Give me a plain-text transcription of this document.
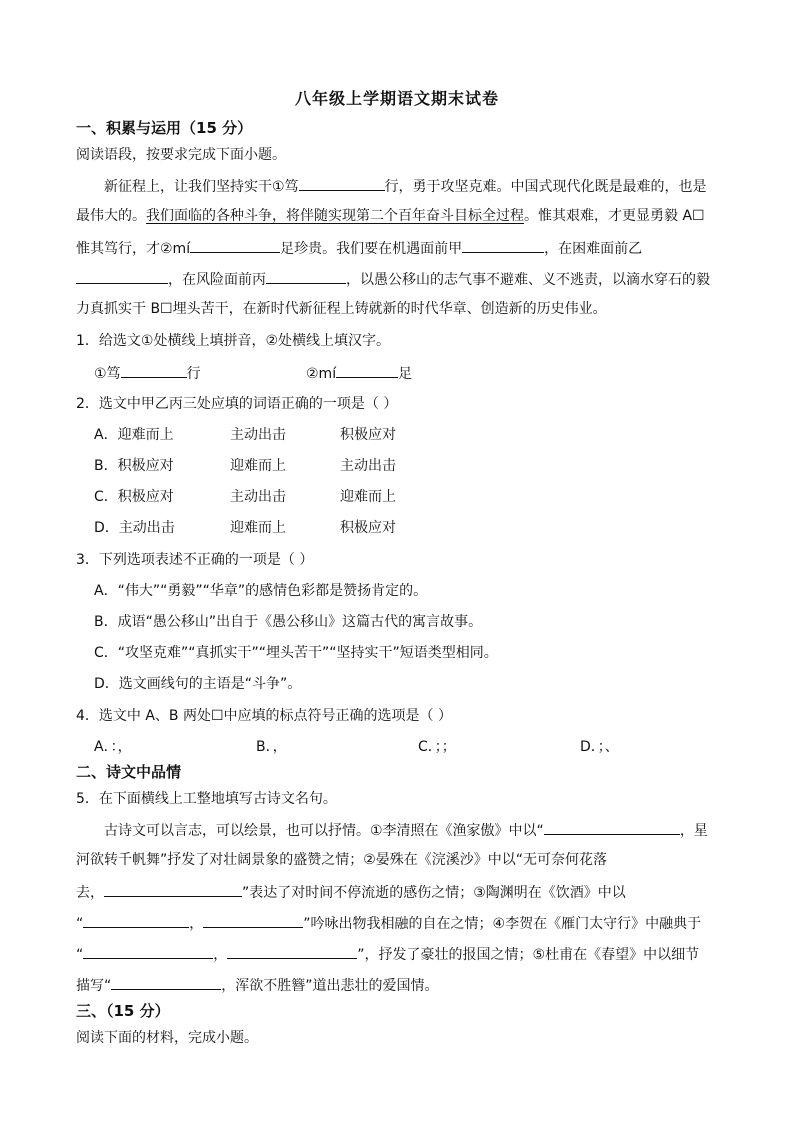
八年级上学期语文期末试卷
一、积累与运用（15 分）
阅读语段，按要求完成下面小题。
新征程上，让我们坚持实干①笃	行，勇于攻坚克难。中国式现代化既是最难的，也是
最伟大的。我们面临的各种斗争，将伴随实现第二个百年奋斗目标全过程。惟其艰难，才更显勇毅 A☐
惟其笃行，才②mí	足珍贵。我们要在机遇面前甲	，在困难面前乙
，在风险面前丙	，以愚公移山的志气事不避难、义不逃责，以滴水穿石的毅
力真抓实干 B☐埋头苦干，在新时代新征程上铸就新的时代华章、创造新的历史伟业。
1．给选文①处横线上填拼音，②处横线上填汉字。
①笃	行	②mí	足
2．选文中甲乙丙三处应填的词语正确的一项是（ ）
A．迎难而上	主动出击	积极应对
B．积极应对	迎难而上	主动出击
C．积极应对	主动出击	迎难而上
D．主动出击	迎难而上	积极应对
3．下列选项表述不正确的一项是（ ）
A．“伟大”“勇毅”“华章”的感情色彩都是赞扬肯定的。
B．成语“愚公移山”出自于《愚公移山》这篇古代的寓言故事。
C．“攻坚克难”“真抓实干”“埋头苦干”“坚持实干”短语类型相同。
D．选文画线句的主语是“斗争”。
4．选文中 A、B 两处☐中应填的标点符号正确的选项是（ ）
A．：，	B．，	C．；；	D．；、
二、诗文中品情
5．在下面横线上工整地填写古诗文名句。
古诗文可以言志，可以绘景，也可以抒情。①李清照在《渔家傲》中以“	，星
河欲转千帆舞”抒发了对壮阔景象的盛赞之情；②晏殊在《浣溪沙》中以“无可奈何花落
去，	”表达了对时间不停流逝的感伤之情；③陶渊明在《饮酒》中以
“	，	”吟咏出物我相融的自在之情；④李贺在《雁门太守行》中融典于
“	，	”，抒发了豪壮的报国之情；⑤杜甫在《春望》中以细节
描写“	，浑欲不胜簪”道出悲壮的爱国情。
三、（15 分）
阅读下面的材料，完成小题。
